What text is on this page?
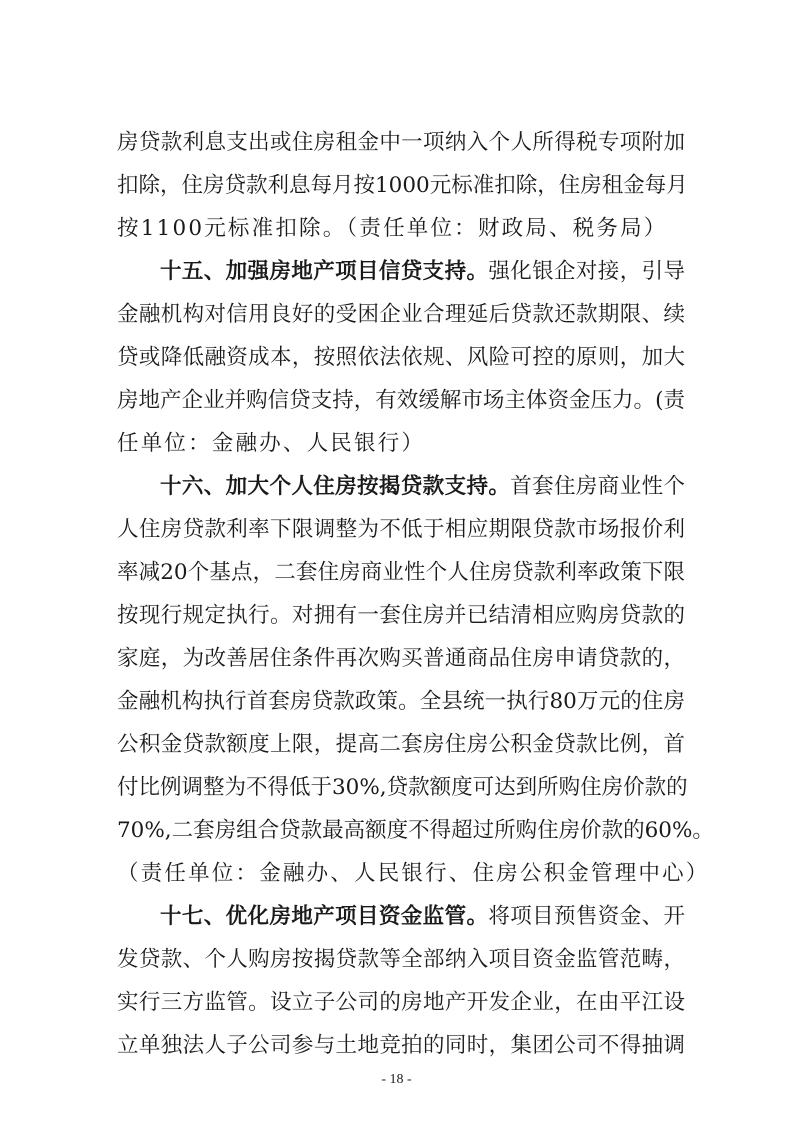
房贷款利息支出或住房租金中一项纳入个人所得税专项附加
扣除，住房贷款利息每月按1000元标准扣除，住房租金每月
按1100元标准扣除。（责任单位：财政局、税务局）
十五、加强房地产项目信贷支持。强化银企对接，引导
金融机构对信用良好的受困企业合理延后贷款还款期限、续
贷或降低融资成本，按照依法依规、风险可控的原则，加大
房地产企业并购信贷支持，有效缓解市场主体资金压力。(责
任单位：金融办、人民银行）
十六、加大个人住房按揭贷款支持。首套住房商业性个
人住房贷款利率下限调整为不低于相应期限贷款市场报价利
率减20个基点，二套住房商业性个人住房贷款利率政策下限
按现行规定执行。对拥有一套住房并已结清相应购房贷款的
家庭，为改善居住条件再次购买普通商品住房申请贷款的，
金融机构执行首套房贷款政策。全县统一执行80万元的住房
公积金贷款额度上限，提高二套房住房公积金贷款比例，首
付比例调整为不得低于30%,贷款额度可达到所购住房价款的
70%,二套房组合贷款最高额度不得超过所购住房价款的60%。
（责任单位：金融办、人民银行、住房公积金管理中心）
十七、优化房地产项目资金监管。将项目预售资金、开
发贷款、个人购房按揭贷款等全部纳入项目资金监管范畴，
实行三方监管。设立子公司的房地产开发企业，在由平江设
立单独法人子公司参与土地竞拍的同时，集团公司不得抽调
- 18 -
